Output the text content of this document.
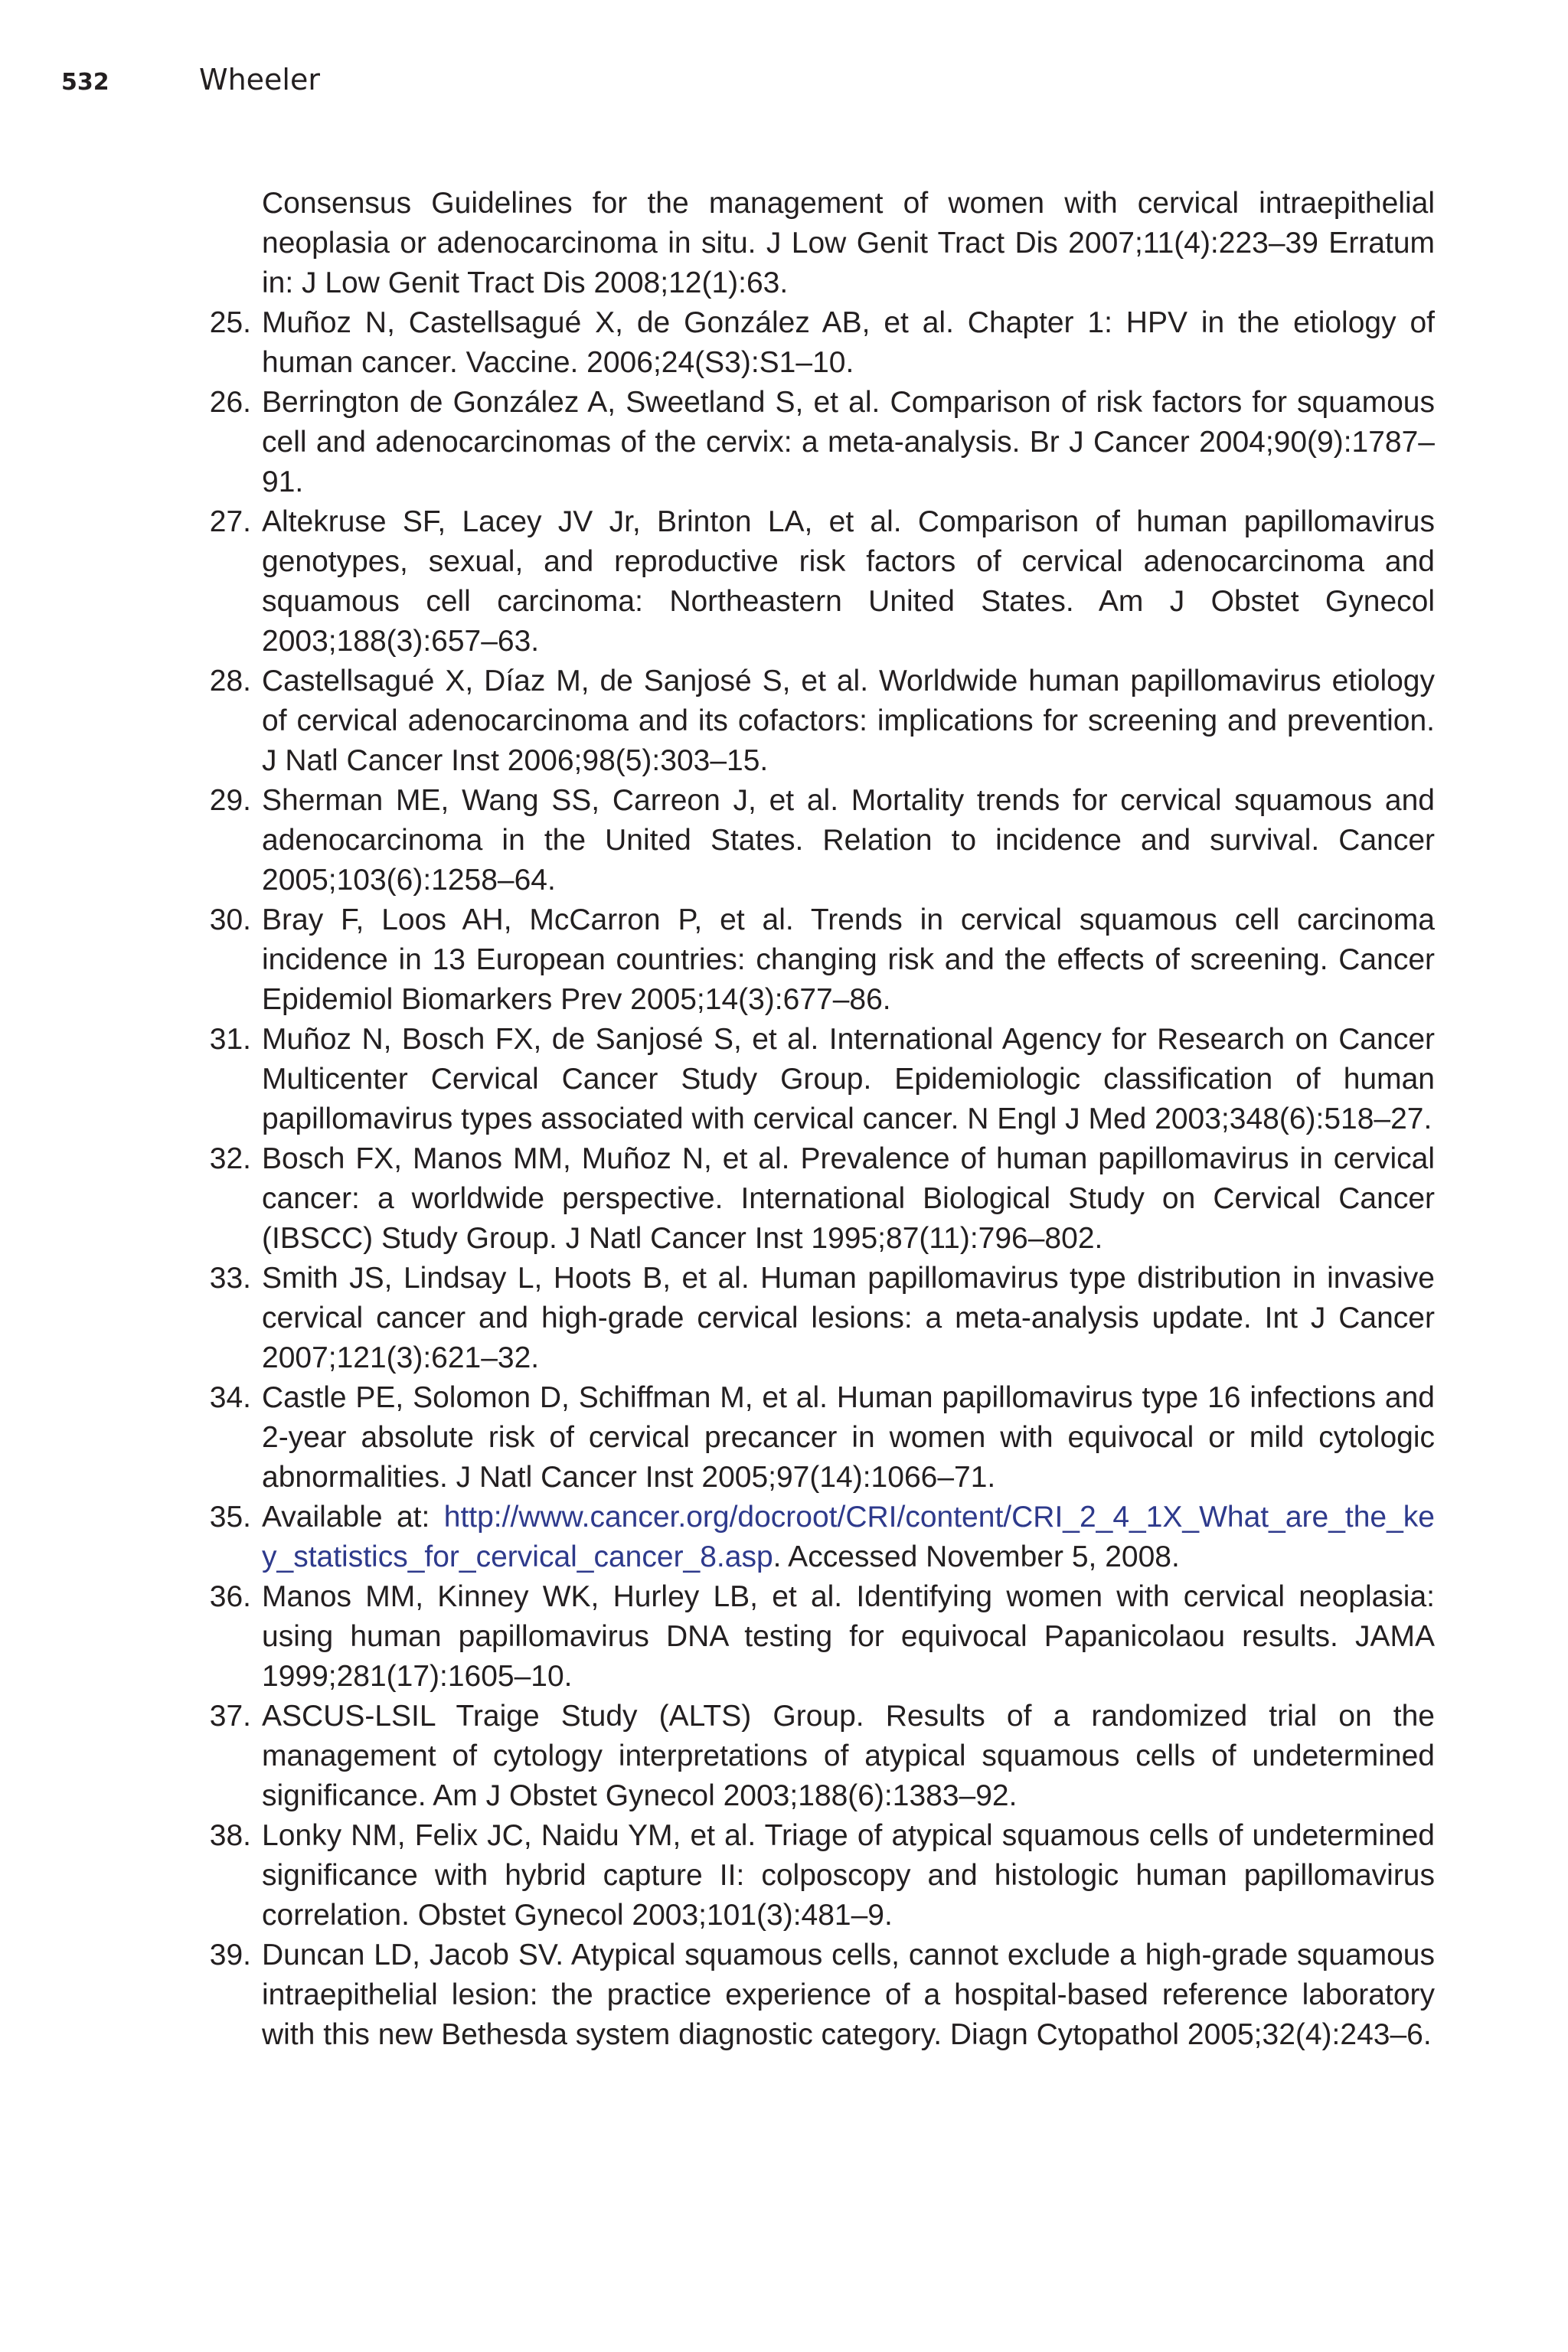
532	Wheeler
Consensus Guidelines for the management of women with cervical intraepithelial neoplasia or adenocarcinoma in situ. J Low Genit Tract Dis 2007;11(4):223–39 Erratum in: J Low Genit Tract Dis 2008;12(1):63.
25. Muñoz N, Castellsagué X, de González AB, et al. Chapter 1: HPV in the etiology of human cancer. Vaccine. 2006;24(S3):S1–10.
26. Berrington de González A, Sweetland S, et al. Comparison of risk factors for squamous cell and adenocarcinomas of the cervix: a meta-analysis. Br J Cancer 2004;90(9):1787–91.
27. Altekruse SF, Lacey JV Jr, Brinton LA, et al. Comparison of human papillomavirus genotypes, sexual, and reproductive risk factors of cervical adenocarcinoma and squamous cell carcinoma: Northeastern United States. Am J Obstet Gynecol 2003;188(3):657–63.
28. Castellsagué X, Díaz M, de Sanjosé S, et al. Worldwide human papillomavirus etiology of cervical adenocarcinoma and its cofactors: implications for screening and prevention. J Natl Cancer Inst 2006;98(5):303–15.
29. Sherman ME, Wang SS, Carreon J, et al. Mortality trends for cervical squamous and adenocarcinoma in the United States. Relation to incidence and survival. Cancer 2005;103(6):1258–64.
30. Bray F, Loos AH, McCarron P, et al. Trends in cervical squamous cell carcinoma incidence in 13 European countries: changing risk and the effects of screening. Cancer Epidemiol Biomarkers Prev 2005;14(3):677–86.
31. Muñoz N, Bosch FX, de Sanjosé S, et al. International Agency for Research on Cancer Multicenter Cervical Cancer Study Group. Epidemiologic classification of human papillomavirus types associated with cervical cancer. N Engl J Med 2003;348(6):518–27.
32. Bosch FX, Manos MM, Muñoz N, et al. Prevalence of human papillomavirus in cervical cancer: a worldwide perspective. International Biological Study on Cervical Cancer (IBSCC) Study Group. J Natl Cancer Inst 1995;87(11):796–802.
33. Smith JS, Lindsay L, Hoots B, et al. Human papillomavirus type distribution in invasive cervical cancer and high-grade cervical lesions: a meta-analysis update. Int J Cancer 2007;121(3):621–32.
34. Castle PE, Solomon D, Schiffman M, et al. Human papillomavirus type 16 infections and 2-year absolute risk of cervical precancer in women with equivocal or mild cytologic abnormalities. J Natl Cancer Inst 2005;97(14):1066–71.
35. Available at: http://www.cancer.org/docroot/CRI/content/CRI_2_4_1X_What_are_the_key_statistics_for_cervical_cancer_8.asp. Accessed November 5, 2008.
36. Manos MM, Kinney WK, Hurley LB, et al. Identifying women with cervical neoplasia: using human papillomavirus DNA testing for equivocal Papanicolaou results. JAMA 1999;281(17):1605–10.
37. ASCUS-LSIL Traige Study (ALTS) Group. Results of a randomized trial on the management of cytology interpretations of atypical squamous cells of undetermined significance. Am J Obstet Gynecol 2003;188(6):1383–92.
38. Lonky NM, Felix JC, Naidu YM, et al. Triage of atypical squamous cells of undetermined significance with hybrid capture II: colposcopy and histologic human papillomavirus correlation. Obstet Gynecol 2003;101(3):481–9.
39. Duncan LD, Jacob SV. Atypical squamous cells, cannot exclude a high-grade squamous intraepithelial lesion: the practice experience of a hospital-based reference laboratory with this new Bethesda system diagnostic category. Diagn Cytopathol 2005;32(4):243–6.
